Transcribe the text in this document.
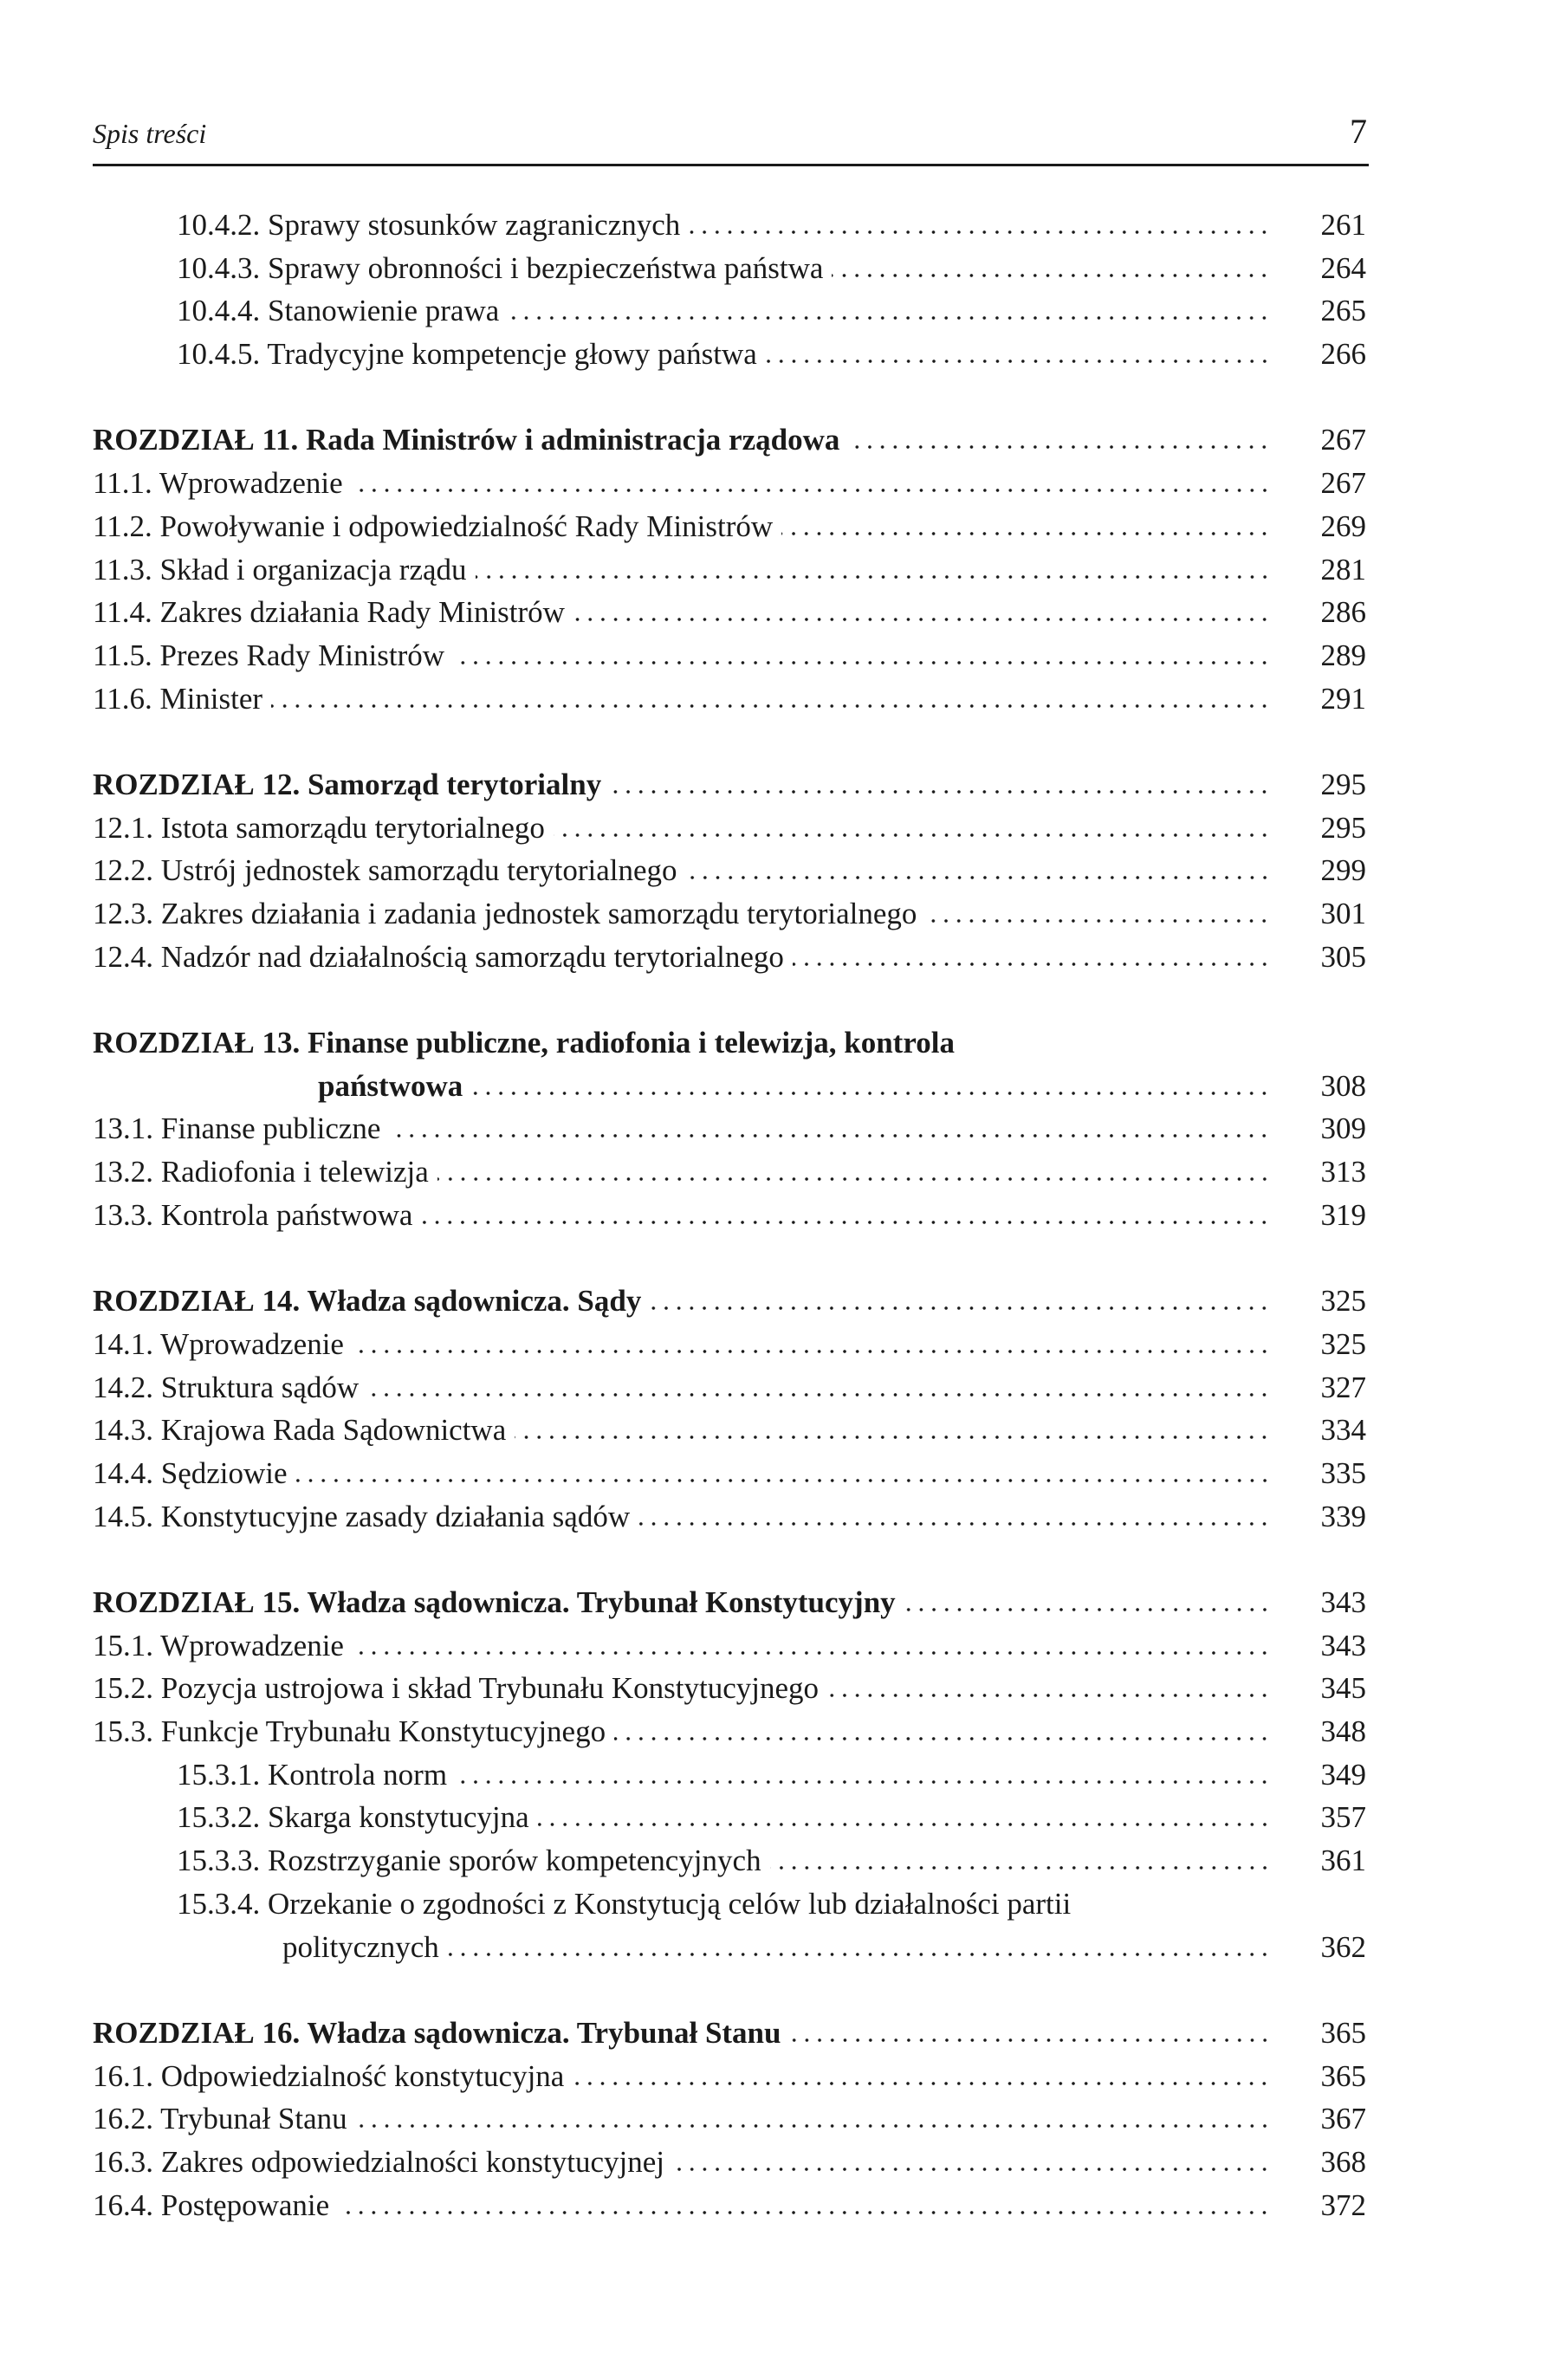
Spis treści	7
10.4.2. Sprawy stosunków zagranicznych	261
10.4.3. Sprawy obronności i bezpieczeństwa państwa	264
10.4.4. Stanowienie prawa	265
10.4.5. Tradycyjne kompetencje głowy państwa	266
ROZDZIAŁ 11. Rada Ministrów i administracja rządowa	267
11.1. Wprowadzenie	267
11.2. Powoływanie i odpowiedzialność Rady Ministrów	269
11.3. Skład i organizacja rządu	281
11.4. Zakres działania Rady Ministrów	286
11.5. Prezes Rady Ministrów	289
11.6. Minister	291
ROZDZIAŁ 12. Samorząd terytorialny	295
12.1. Istota samorządu terytorialnego	295
12.2. Ustrój jednostek samorządu terytorialnego	299
12.3. Zakres działania i zadania jednostek samorządu terytorialnego	301
12.4. Nadzór nad działalnością samorządu terytorialnego	305
ROZDZIAŁ 13. Finanse publiczne, radiofonia i telewizja, kontrola
państwowa	308
13.1. Finanse publiczne	309
13.2. Radiofonia i telewizja	313
13.3. Kontrola państwowa	319
ROZDZIAŁ 14. Władza sądownicza. Sądy	325
14.1. Wprowadzenie	325
14.2. Struktura sądów	327
14.3. Krajowa Rada Sądownictwa	334
14.4. Sędziowie	335
14.5. Konstytucyjne zasady działania sądów	339
ROZDZIAŁ 15. Władza sądownicza. Trybunał Konstytucyjny	343
15.1. Wprowadzenie	343
15.2. Pozycja ustrojowa i skład Trybunału Konstytucyjnego	345
15.3. Funkcje Trybunału Konstytucyjnego	348
15.3.1. Kontrola norm	349
15.3.2. Skarga konstytucyjna	357
15.3.3. Rozstrzyganie sporów kompetencyjnych	361
15.3.4. Orzekanie o zgodności z Konstytucją celów lub działalności partii
politycznych	362
ROZDZIAŁ 16. Władza sądownicza. Trybunał Stanu	365
16.1. Odpowiedzialność konstytucyjna	365
16.2. Trybunał Stanu	367
16.3. Zakres odpowiedzialności konstytucyjnej	368
16.4. Postępowanie	372
